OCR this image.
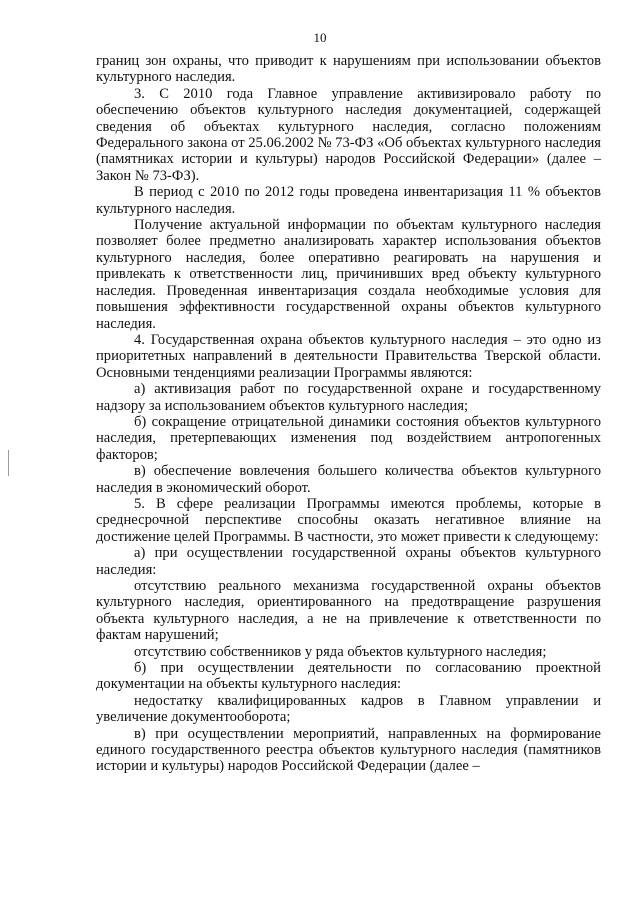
10

границ зон охраны, что приводит к нарушениям при использовании объектов культурного наследия.

3. С 2010 года Главное управление активизировало работу по обеспечению объектов культурного наследия документацией, содержащей сведения об объектах культурного наследия, согласно положениям Федерального закона от 25.06.2002 № 73-ФЗ «Об объектах культурного наследия (памятниках истории и культуры) народов Российской Федерации» (далее – Закон № 73-ФЗ).

В период с 2010 по 2012 годы проведена инвентаризация 11 % объектов культурного наследия.

Получение актуальной информации по объектам культурного наследия позволяет более предметно анализировать характер использования объектов культурного наследия, более оперативно реагировать на нарушения и привлекать к ответственности лиц, причинивших вред объекту культурного наследия. Проведенная инвентаризация создала необходимые условия для повышения эффективности государственной охраны объектов культурного наследия.

4. Государственная охрана объектов культурного наследия – это одно из приоритетных направлений в деятельности Правительства Тверской области. Основными тенденциями реализации Программы являются:

а) активизация работ по государственной охране и государственному надзору за использованием объектов культурного наследия;

б) сокращение отрицательной динамики состояния объектов культурного наследия, претерпевающих изменения под воздействием антропогенных факторов;

в) обеспечение вовлечения большего количества объектов культурного наследия в экономический оборот.

5. В сфере реализации Программы имеются проблемы, которые в среднесрочной перспективе способны оказать негативное влияние на достижение целей Программы. В частности, это может привести к следующему:

а) при осуществлении государственной охраны объектов культурного наследия:

отсутствию реального механизма государственной охраны объектов культурного наследия, ориентированного на предотвращение разрушения объекта культурного наследия, а не на привлечение к ответственности по фактам нарушений;

отсутствию собственников у ряда объектов культурного наследия;

б) при осуществлении деятельности по согласованию проектной документации на объекты культурного наследия:

недостатку квалифицированных кадров в Главном управлении и увеличение документооборота;

в) при осуществлении мероприятий, направленных на формирование единого государственного реестра объектов культурного наследия (памятников истории и культуры) народов Российской Федерации (далее –
